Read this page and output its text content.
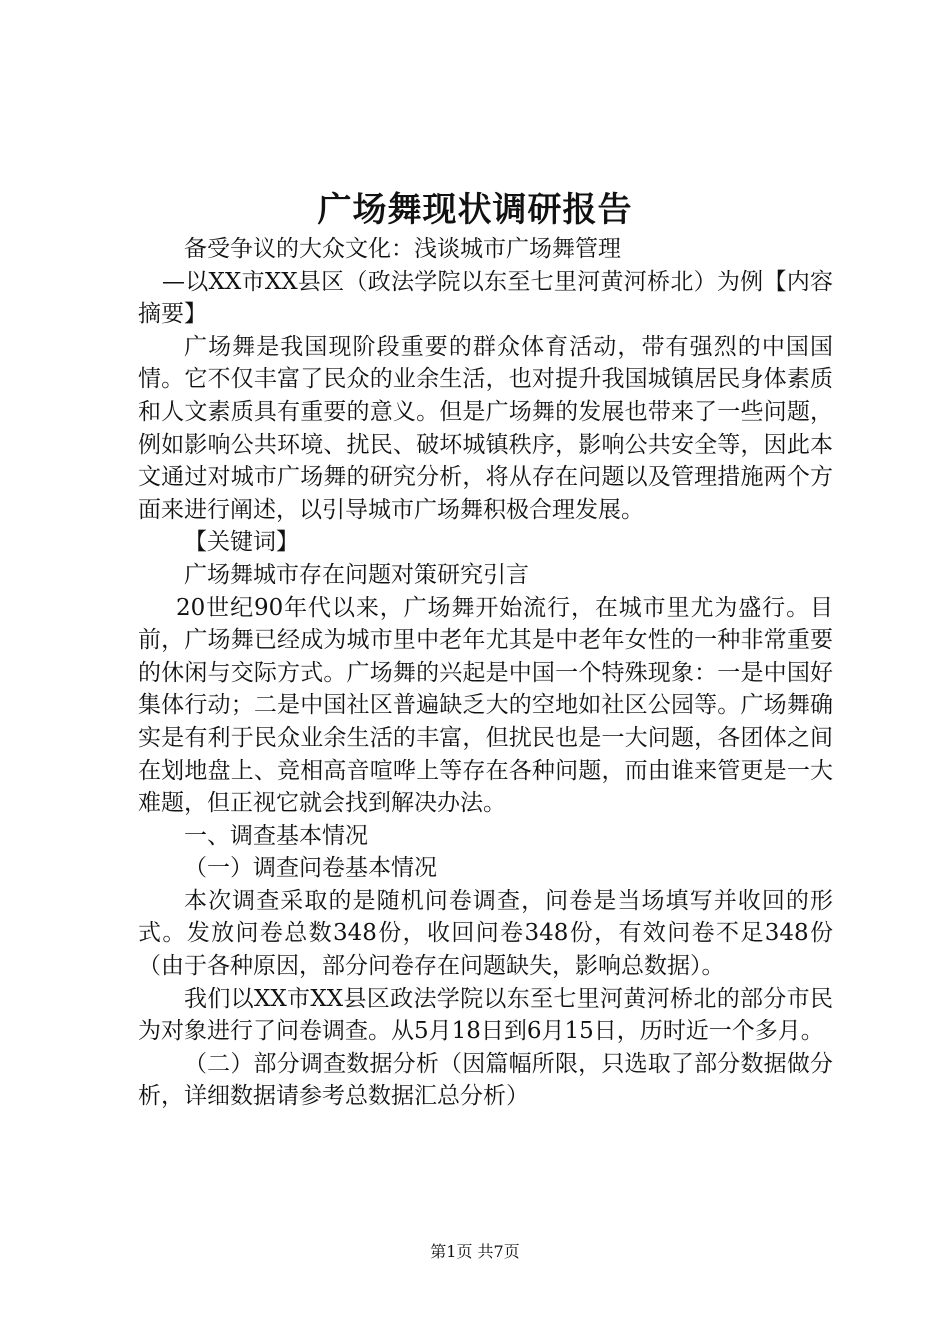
广场舞现状调研报告

备受争议的大众文化：浅谈城市广场舞管理

—以XX市XX县区（政法学院以东至七里河黄河桥北）为例【内容摘要】

广场舞是我国现阶段重要的群众体育活动，带有强烈的中国国情。它不仅丰富了民众的业余生活，也对提升我国城镇居民身体素质和人文素质具有重要的意义。但是广场舞的发展也带来了一些问题，例如影响公共环境、扰民、破坏城镇秩序，影响公共安全等，因此本文通过对城市广场舞的研究分析，将从存在问题以及管理措施两个方面来进行阐述，以引导城市广场舞积极合理发展。

【关键词】

广场舞城市存在问题对策研究引言

20世纪90年代以来，广场舞开始流行，在城市里尤为盛行。目前，广场舞已经成为城市里中老年尤其是中老年女性的一种非常重要的休闲与交际方式。广场舞的兴起是中国一个特殊现象：一是中国好集体行动；二是中国社区普遍缺乏大的空地如社区公园等。广场舞确实是有利于民众业余生活的丰富，但扰民也是一大问题，各团体之间在划地盘上、竞相高音喧哗上等存在各种问题，而由谁来管更是一大难题，但正视它就会找到解决办法。

一、调查基本情况

（一）调查问卷基本情况

本次调查采取的是随机问卷调查，问卷是当场填写并收回的形式。发放问卷总数348份，收回问卷348份，有效问卷不足348份（由于各种原因，部分问卷存在问题缺失，影响总数据）。

我们以XX市XX县区政法学院以东至七里河黄河桥北的部分市民为对象进行了问卷调查。从5月18日到6月15日，历时近一个多月。

（二）部分调查数据分析（因篇幅所限，只选取了部分数据做分析，详细数据请参考总数据汇总分析）

第1页 共7页
